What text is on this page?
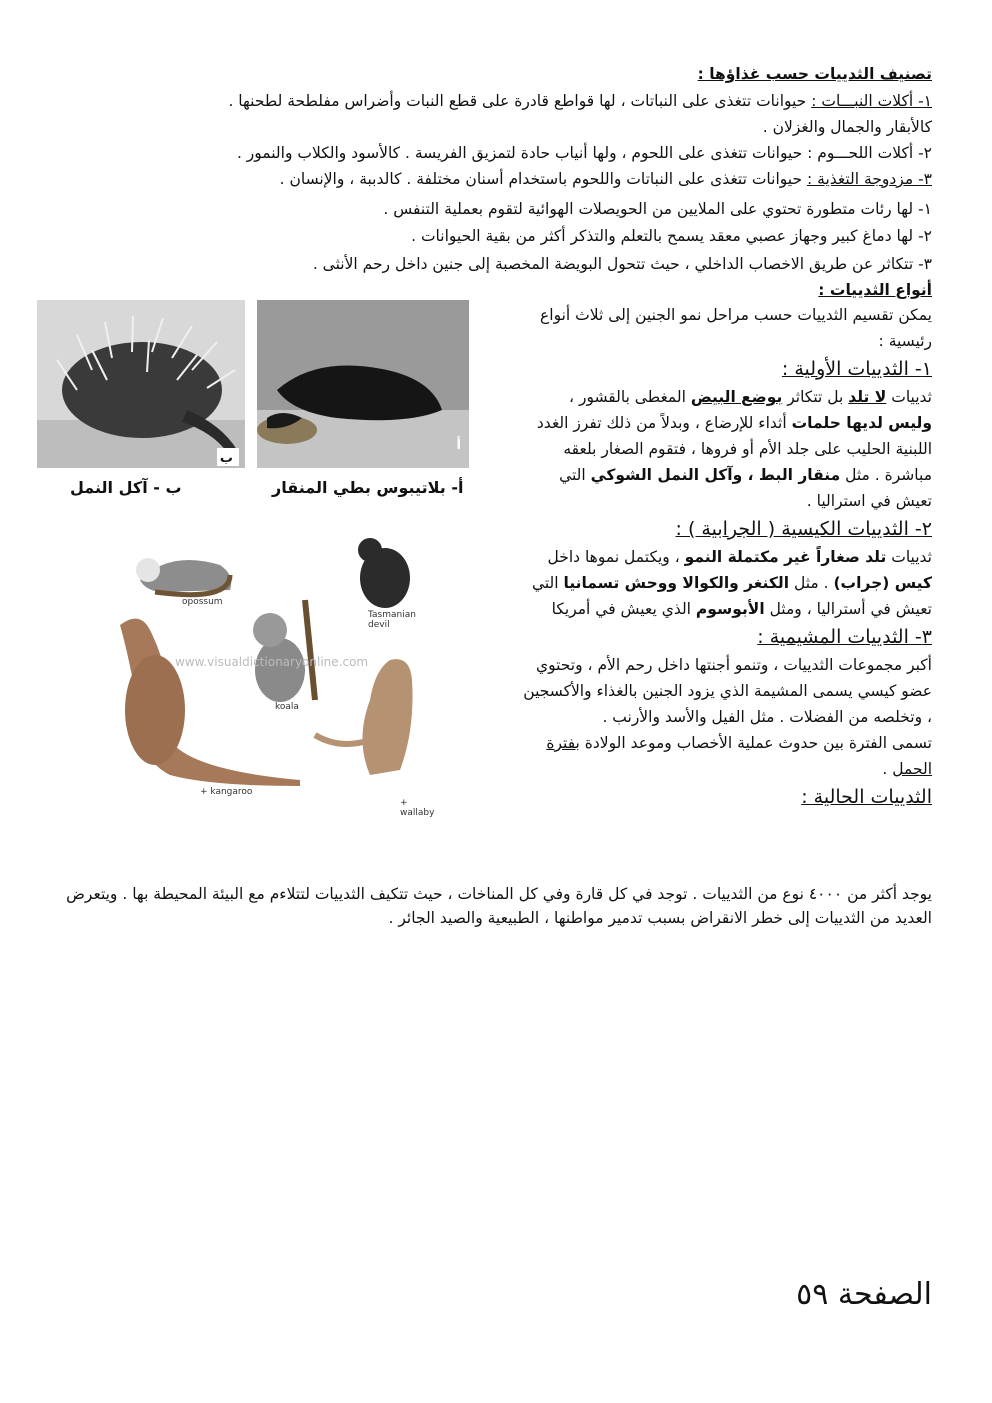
تصنيف الثدييات حسب غذاؤها :
١- أكلات النبـــات : حيوانات تتغذى على النباتات ، لها قواطع قادرة على قطع النبات وأضراس مفلطحة لطحنها .
كالأبقار والجمال والغزلان .
٢- أكلات اللحـــوم : حيوانات تتغذى على اللحوم ، ولها أنياب حادة لتمزيق الفريسة . كالأسود والكلاب والنمور .
٣- مزدوجة التغذية : حيوانات تتغذى على النباتات واللحوم باستخدام أسنان مختلفة . كالدببة ، والإنسان .
١- لها رئات متطورة تحتوي على الملايين من الحويصلات الهوائية لتقوم بعملية التنفس .
٢- لها دماغ كبير وجهاز عصبي معقد يسمح بالتعلم والتذكر أكثر من بقية الحيوانات .
٣- تتكاثر عن طريق الاخصاب الداخلي ، حيث تتحول البويضة المخصبة إلى جنين داخل رحم الأنثى .
أنواع الثدييات :

يمكن تقسيم الثدييات حسب مراحل نمو الجنين إلى ثلاث أنواع رئيسية :

١- الثدييات الأولية :

ثدييات لا تلد بل تتكاثر بوضع البيض المغطى بالقشور ، وليس لديها حلمات أثداء للإرضاع ، وبدلاً من ذلك تفرز الغدد اللبنية الحليب على جلد الأم أو فروها ، فتقوم الصغار بلعقه مباشرة . مثل منقار البط ، وآكل النمل الشوكي التي تعيش في استراليا .

٢- الثدييات الكيسية ( الجرابية ) :

ثدييات تلد صغاراً غير مكتملة النمو ، ويكتمل نموها داخل كيس (جراب) . مثل الكنغر والكوالا ووحش تسمانيا التي تعيش في أستراليا ، ومثل الأبوسوم الذي يعيش في أمريكا

٣- الثدييات المشيمية :

أكبر مجموعات الثدييات ، وتنمو أجنتها داخل رحم الأم ، وتحتوي عضو كيسي يسمى المشيمة الذي يزود الجنين بالغذاء والأكسجين ، وتخلصه من الفضلات . مثل الفيل والأسد والأرنب .

تسمى الفترة بين حدوث عملية الأخصاب وموعد الولادة بفترة الحمل .

الثدييات الحالية :

يوجد أكثر من ٤٠٠٠ نوع من الثدييات . توجد في كل قارة وفي كل المناخات ، حيث تتكيف الثدييات لتتلاءم مع البيئة المحيطة بها . ويتعرض العديد من الثدييات إلى خطر الانقراض بسبب تدمير مواطنها ، الطبيعية والصيد الجائر .
ب
أ
ب - آكل النمل	أ- بلاتيبوس بطي المنقار
opossum
Tasmanian devil
koala
+ kangaroo
+ wallaby
www.visualdictionaryonline.com
الصفحة ٥٩
